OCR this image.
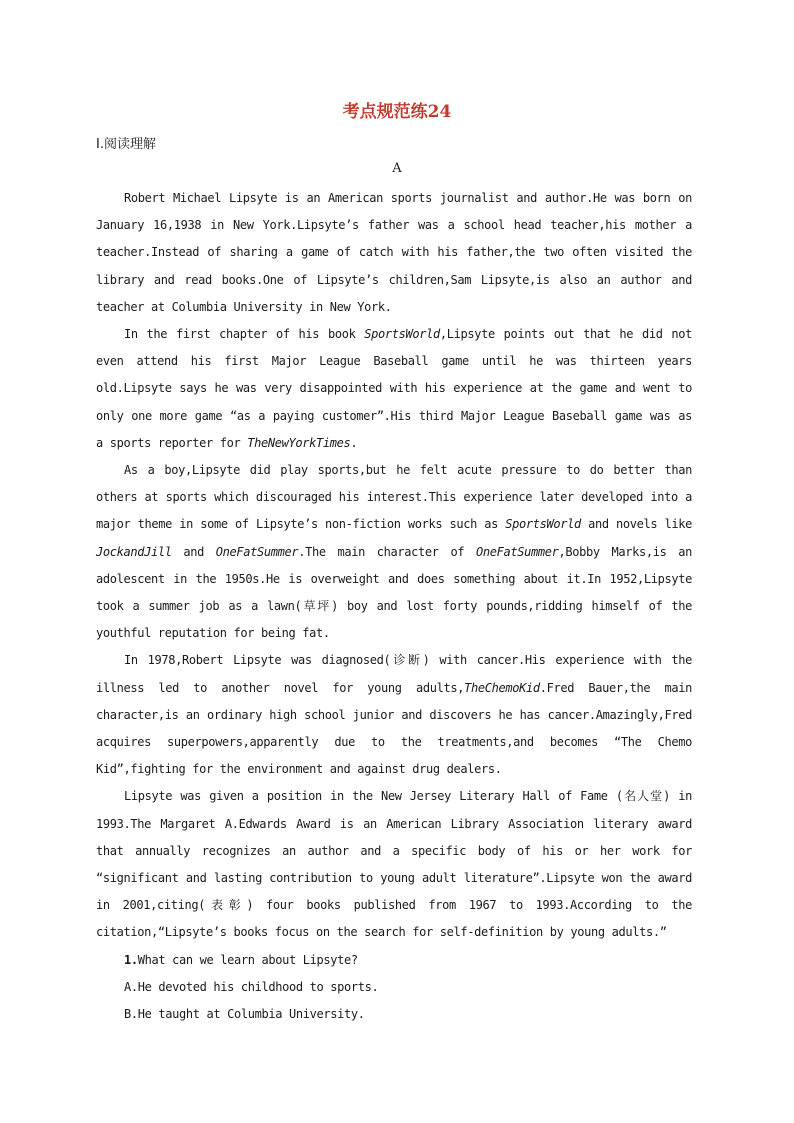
考点规范练24
Ⅰ.阅读理解
A

Robert Michael Lipsyte is an American sports journalist and author.He was born on January 16,1938 in New York.Lipsyte’s father was a school head teacher,his mother a teacher.Instead of sharing a game of catch with his father,the two often visited the library and read books.One of Lipsyte’s children,Sam Lipsyte,is also an author and teacher at Columbia University in New York.

In the first chapter of his book SportsWorld,Lipsyte points out that he did not even attend his first Major League Baseball game until he was thirteen years old.Lipsyte says he was very disappointed with his experience at the game and went to only one more game “as a paying customer”.His third Major League Baseball game was as a sports reporter for TheNewYorkTimes.

As a boy,Lipsyte did play sports,but he felt acute pressure to do better than others at sports which discouraged his interest.This experience later developed into a major theme in some of Lipsyte’s non-fiction works such as SportsWorld and novels like JockandJill and OneFatSummer.The main character of OneFatSummer,Bobby Marks,is an adolescent in the 1950s.He is overweight and does something about it.In 1952,Lipsyte took a summer job as a lawn(草坪) boy and lost forty pounds,ridding himself of the youthful reputation for being fat.

In 1978,Robert Lipsyte was diagnosed(诊断) with cancer.His experience with the illness led to another novel for young adults,TheChemoKid.Fred Bauer,the main character,is an ordinary high school junior and discovers he has cancer.Amazingly,Fred acquires superpowers,apparently due to the treatments,and becomes “The Chemo Kid”,fighting for the environment and against drug dealers.

Lipsyte was given a position in the New Jersey Literary Hall of Fame (名人堂) in 1993.The Margaret A.Edwards Award is an American Library Association literary award that annually recognizes an author and a specific body of his or her work for “significant and lasting contribution to young adult literature”.Lipsyte won the award in 2001,citing(表彰) four books published from 1967 to 1993.According to the citation,“Lipsyte’s books focus on the search for self-definition by young adults.”

1.What can we learn about Lipsyte?

A.He devoted his childhood to sports.

B.He taught at Columbia University.
